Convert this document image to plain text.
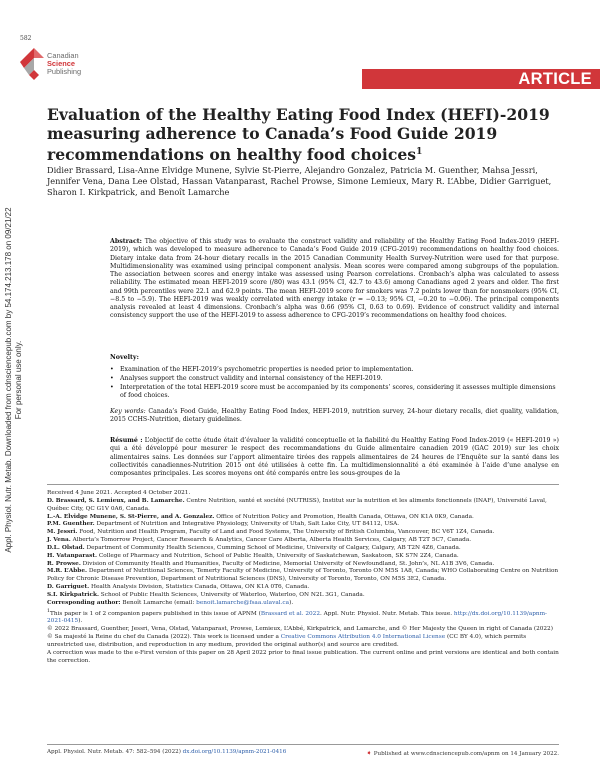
582
Canadian
Science
Publishing	ARTICLE
Appl. Physiol. Nutr. Metab. Downloaded from cdnsciencepub.com by 54.174.213.178 on 09/21/22 For personal use only.
Evaluation of the Healthy Eating Food Index (HEFI)-2019 measuring adherence to Canada’s Food Guide 2019 recommendations on healthy food choices$^1$
Didier Brassard, Lisa-Anne Elvidge Munene, Sylvie St-Pierre, Alejandro Gonzalez, Patricia M. Guenther, Mahsa Jessri, Jennifer Vena, Dana Lee Olstad, Hassan Vatanparast, Rachel Prowse, Simone Lemieux, Mary R. L’Abbe, Didier Garriguet, Sharon I. Kirkpatrick, and Benoît Lamarche
Abstract: The objective of this study was to evaluate the construct validity and reliability of the Healthy Eating Food Index-2019 (HEFI-2019), which was developed to measure adherence to Canada’s Food Guide 2019 (CFG-2019) recommendations on healthy food choices. Dietary intake data from 24-hour dietary recalls in the 2015 Canadian Community Health Survey-Nutrition were used for that purpose. Multidimensionality was examined using principal component analysis. Mean scores were compared among subgroups of the population. The association between scores and energy intake was assessed using Pearson correlations. Cronbach’s alpha was calculated to assess reliability. The estimated mean HEFI-2019 score (/80) was 43.1 (95% CI, 42.7 to 43.6) among Canadians aged 2 years and older. The first and 99th percentiles were 22.1 and 62.9 points. The mean HEFI-2019 score for smokers was 7.2 points lower than for nonsmokers (95% CI, −8.5 to −5.9). The HEFI-2019 was weakly correlated with energy intake (r = −0.13; 95% CI, −0.20 to −0.06). The principal components analysis revealed at least 4 dimensions. Cronbach’s alpha was 0.66 (95% CI, 0.63 to 0.69). Evidence of construct validity and internal consistency support the use of the HEFI-2019 to assess adherence to CFG-2019’s recommendations on healthy food choices.
Novelty:
• Examination of the HEFI-2019’s psychometric properties is needed prior to implementation.
• Analyses support the construct validity and internal consistency of the HEFI-2019.
• Interpretation of the total HEFI-2019 score must be accompanied by its components’ scores, considering it assesses multiple dimensions of food choices.
Key words: Canada’s Food Guide, Healthy Eating Food Index, HEFI-2019, nutrition survey, 24-hour dietary recalls, diet quality, validation, 2015 CCHS-Nutrition, dietary guidelines.
Résumé : L’objectif de cette étude était d’évaluer la validité conceptuelle et la fiabilité du Healthy Eating Food Index-2019 (« HEFI-2019 ») qui a été développé pour mesurer le respect des recommandations du Guide alimentaire canadien 2019 (GAC 2019) sur les choix alimentaires sains. Les données sur l’apport alimentaire tirées des rappels alimentaires de 24 heures de l’Enquête sur la santé dans les collectivités canadiennes-Nutrition 2015 ont été utilisées à cette fin. La multidimensionnalité a été examinée à l’aide d’une analyse en composantes principales. Les scores moyens ont été comparés entre les sous-groupes de la

Received 4 June 2021. Accepted 4 October 2021.

D. Brassard, S. Lemieux, and B. Lamarche. Centre Nutrition, santé et société (NUTRISS), Institut sur la nutrition et les aliments fonctionnels (INAF), Université Laval, Québec City, QC G1V 0A6, Canada.

L.-A. Elvidge Munene, S. St-Pierre, and A. Gonzalez. Office of Nutrition Policy and Promotion, Health Canada, Ottawa, ON K1A 0K9, Canada.

P.M. Guenther. Department of Nutrition and Integrative Physiology, University of Utah, Salt Lake City, UT 84112, USA.

M. Jessri. Food, Nutrition and Health Program, Faculty of Land and Food Systems, The University of British Columbia, Vancouver, BC V6T 1Z4, Canada.

J. Vena. Alberta’s Tomorrow Project, Cancer Research & Analytics, Cancer Care Alberta, Alberta Health Services, Calgary, AB T2T 5C7, Canada.

D.L. Olstad. Department of Community Health Sciences, Cumming School of Medicine, University of Calgary, Calgary, AB T2N 4Z6, Canada.

H. Vatanparast. College of Pharmacy and Nutrition, School of Public Health, University of Saskatchewan, Saskatoon, SK S7N 2Z4, Canada.

R. Prowse. Division of Community Health and Humanities, Faculty of Medicine, Memorial University of Newfoundland, St. John’s, NL A1B 3V6, Canada.

M.R. L’Abbe. Department of Nutritional Sciences, Temerty Faculty of Medicine, University of Toronto, Toronto ON M5S 1A8, Canada; WHO Collaborating Centre on Nutrition Policy for Chronic Disease Prevention, Department of Nutritional Sciences (DNS), University of Toronto, Toronto, ON M5S 3E2, Canada.

D. Garriguet. Health Analysis Division, Statistics Canada, Ottawa, ON K1A 0T6, Canada.

S.I. Kirkpatrick. School of Public Health Sciences, University of Waterloo, Waterloo, ON N2L 3G1, Canada.

Corresponding author: Benoît Lamarche (email: benoit.lamarche@fsaa.ulaval.ca).

$^1$This paper is 1 of 2 companion papers published in this issue of APNM (Brassard et al. 2022. Appl. Nutr. Physiol. Nutr. Metab. This issue. http://dx.doi.org/10.1139/apnm-2021-0415).

© 2022 Brassard, Guenther, Jessri, Vena, Olstad, Vatanparast, Prowse, Lemieux, L’Abbé, Kirkpatrick, and Lamarche, and © Her Majesty the Queen in right of Canada (2022) © Sa majesté la Reine du chef du Canada (2022). This work is licensed under a Creative Commons Attribution 4.0 International License (CC BY 4.0), which permits unrestricted use, distribution, and reproduction in any medium, provided the original author(s) and source are credited.

A correction was made to the e-First version of this paper on 28 April 2022 prior to final issue publication. The current online and print versions are identical and both contain the correction.

Appl. Physiol. Nutr. Metab. 47: 582–594 (2022) dx.doi.org/10.1139/apnm-2021-0416	➧ Published at www.cdnsciencepub.com/apnm on 14 January 2022.
